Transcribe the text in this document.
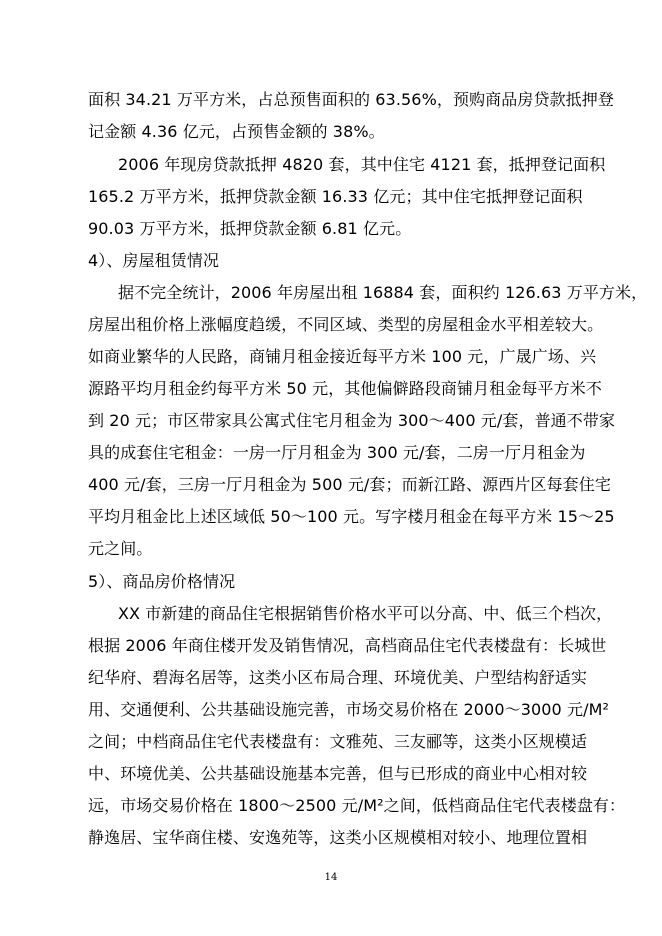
面积 34.21 万平方米，占总预售面积的 63.56%，预购商品房贷款抵押登
记金额 4.36 亿元，占预售金额的 38%。
2006 年现房贷款抵押 4820 套，其中住宅 4121 套，抵押登记面积
165.2 万平方米，抵押贷款金额 16.33 亿元；其中住宅抵押登记面积
90.03 万平方米，抵押贷款金额 6.81 亿元。
4）、房屋租赁情况
据不完全统计，2006 年房屋出租 16884 套，面积约 126.63 万平方米，
房屋出租价格上涨幅度趋缓，不同区域、类型的房屋租金水平相差较大。
如商业繁华的人民路，商铺月租金接近每平方米 100 元，广晟广场、兴
源路平均月租金约每平方米 50 元，其他偏僻路段商铺月租金每平方米不
到 20 元；市区带家具公寓式住宅月租金为 300～400 元/套，普通不带家
具的成套住宅租金：一房一厅月租金为 300 元/套，二房一厅月租金为
400 元/套，三房一厅月租金为 500 元/套；而新江路、源西片区每套住宅
平均月租金比上述区域低 50～100 元。写字楼月租金在每平方米 15～25
元之间。
5）、商品房价格情况
XX 市新建的商品住宅根据销售价格水平可以分高、中、低三个档次，
根据 2006 年商住楼开发及销售情况，高档商品住宅代表楼盘有：长城世
纪华府、碧海名居等，这类小区布局合理、环境优美、户型结构舒适实
用、交通便利、公共基础设施完善，市场交易价格在 2000～3000 元/M²
之间；中档商品住宅代表楼盘有：文雅苑、三友郦等，这类小区规模适
中、环境优美、公共基础设施基本完善，但与已形成的商业中心相对较
远，市场交易价格在 1800～2500 元/M²之间，低档商品住宅代表楼盘有：
静逸居、宝华商住楼、安逸苑等，这类小区规模相对较小、地理位置相
14
